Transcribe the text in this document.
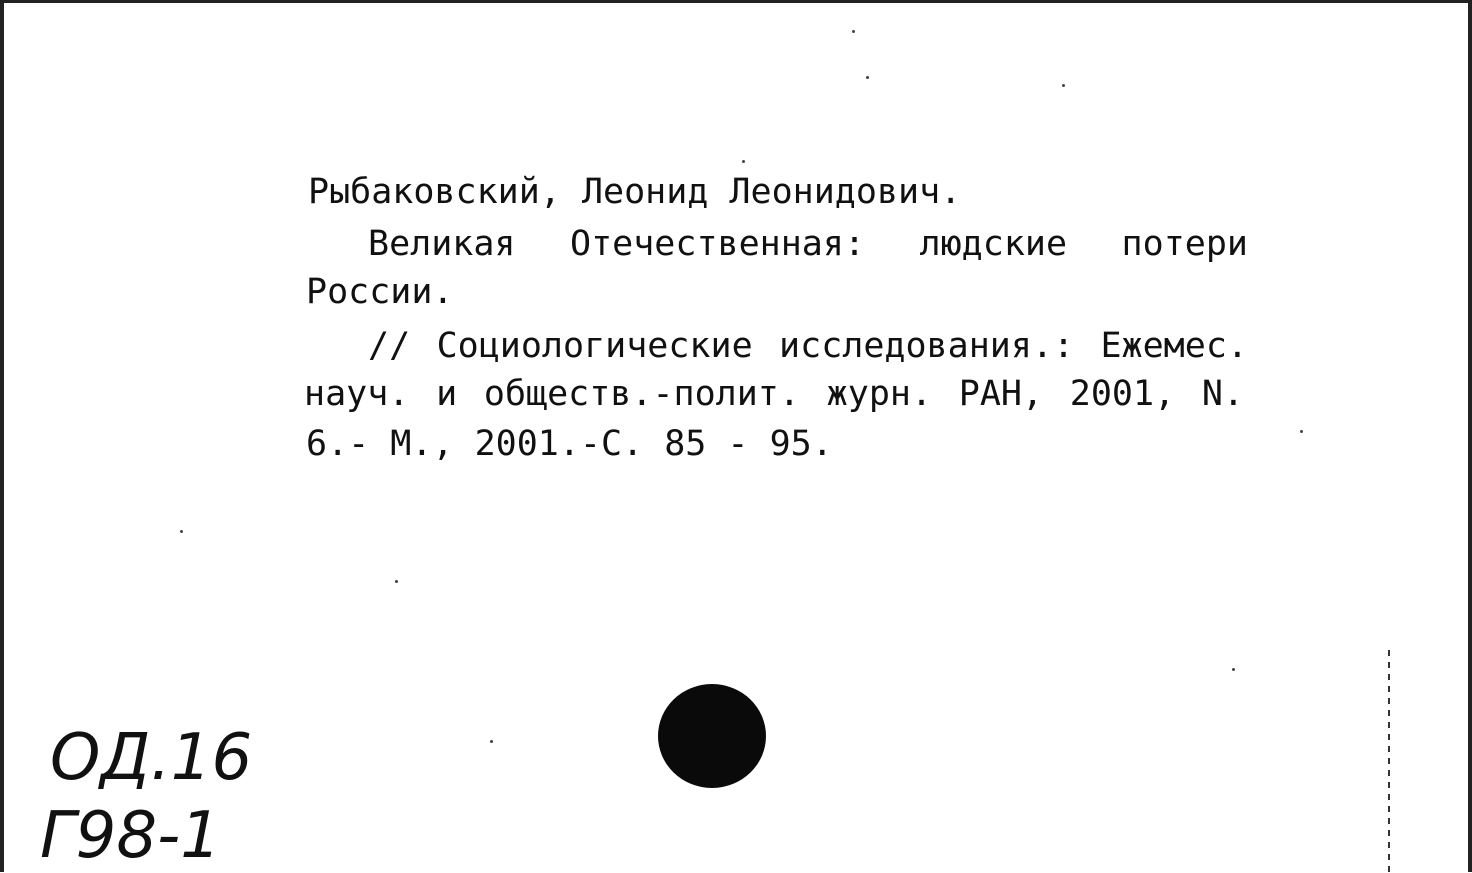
Рыбаковский, Леонид Леонидович.
Великая Отечественная: людские потери
России.
// Социологические исследования.: Ежемес.
науч. и обществ.-полит. журн. РАН, 2001, N.
6.- М., 2001.-С. 85 - 95.
ОД.16
Г98-1
